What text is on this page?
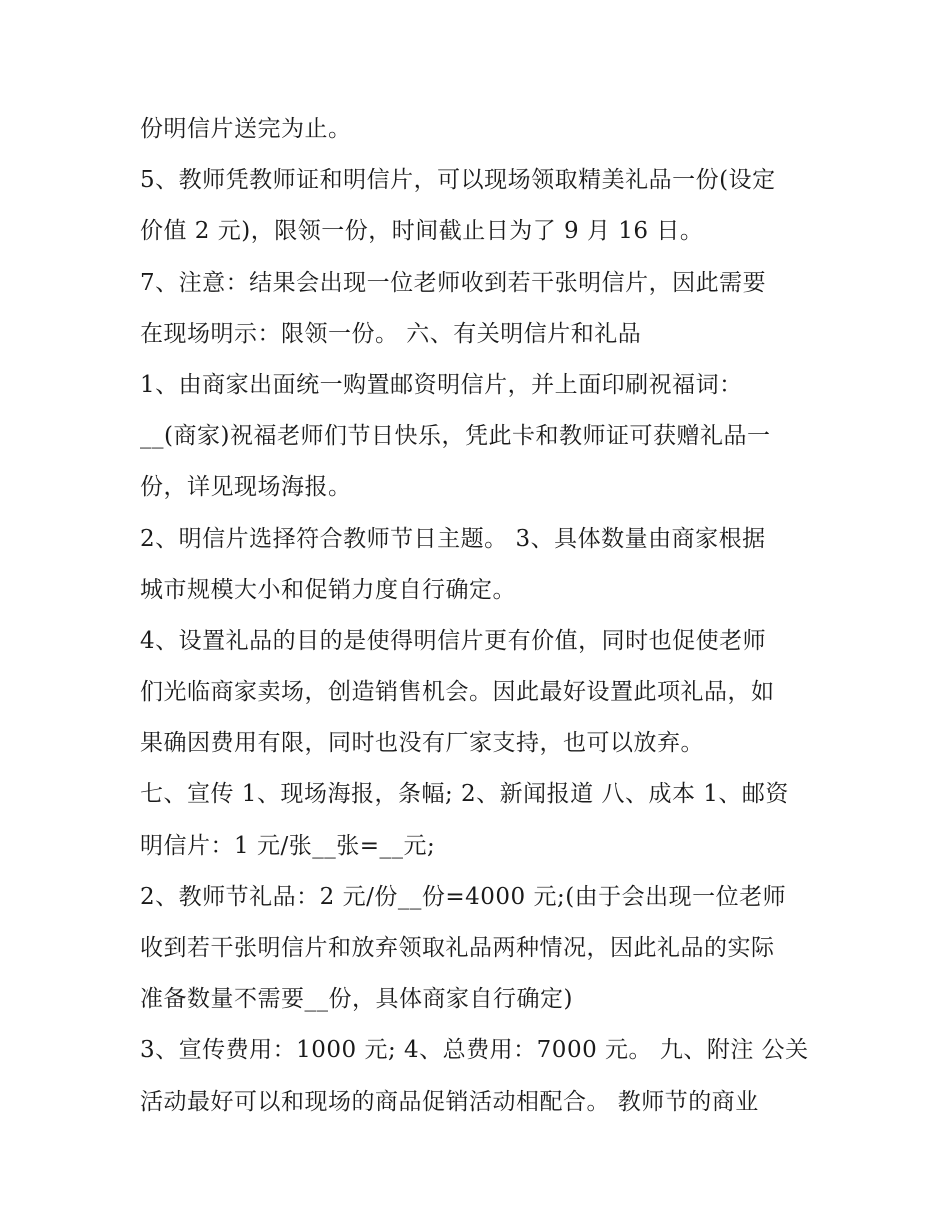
份明信片送完为止。
5、教师凭教师证和明信片，可以现场领取精美礼品一份(设定
价值 2 元)，限领一份，时间截止日为了 9 月 16 日。
7、注意：结果会出现一位老师收到若干张明信片，因此需要
在现场明示：限领一份。 六、有关明信片和礼品
1、由商家出面统一购置邮资明信片，并上面印刷祝福词：
__(商家)祝福老师们节日快乐，凭此卡和教师证可获赠礼品一
份，详见现场海报。
2、明信片选择符合教师节日主题。 3、具体数量由商家根据
城市规模大小和促销力度自行确定。
4、设置礼品的目的是使得明信片更有价值，同时也促使老师
们光临商家卖场，创造销售机会。因此最好设置此项礼品，如
果确因费用有限，同时也没有厂家支持，也可以放弃。
七、宣传 1、现场海报，条幅; 2、新闻报道 八、成本 1、邮资
明信片：1 元/张__张=__元;
2、教师节礼品：2 元/份__份=4000 元;(由于会出现一位老师
收到若干张明信片和放弃领取礼品两种情况，因此礼品的实际
准备数量不需要__份，具体商家自行确定)
3、宣传费用：1000 元; 4、总费用：7000 元。 九、附注 公关
活动最好可以和现场的商品促销活动相配合。 教师节的商业
